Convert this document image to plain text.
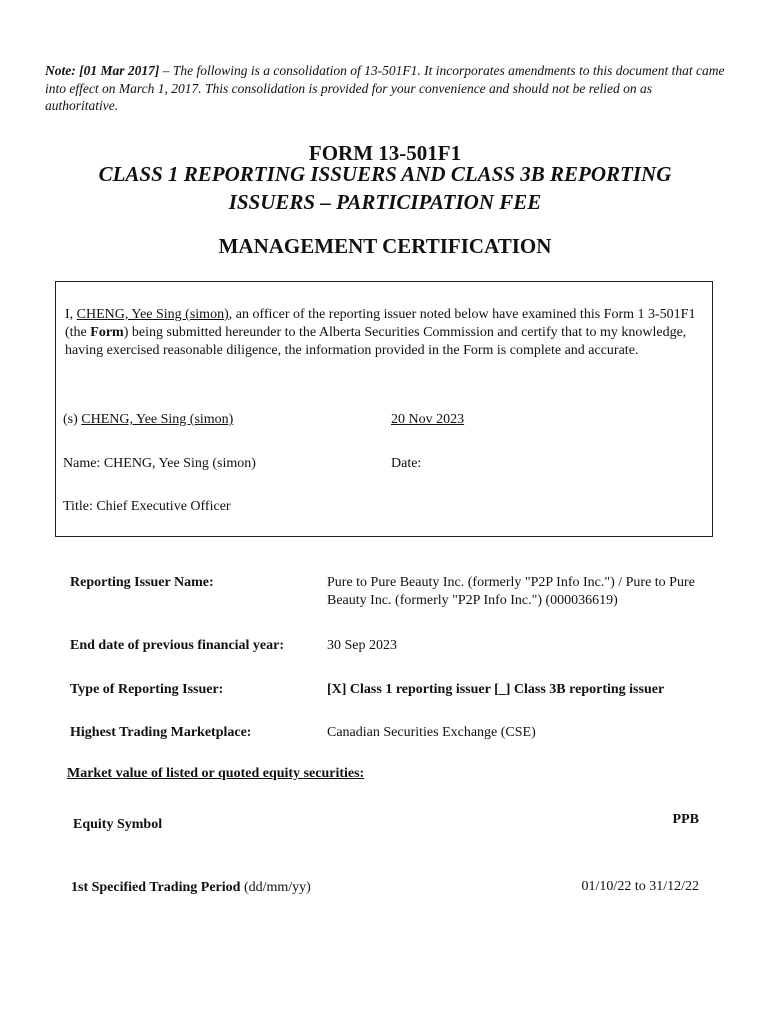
Note: [01 Mar 2017] – The following is a consolidation of 13-501F1. It incorporates amendments to this document that came into effect on March 1, 2017. This consolidation is provided for your convenience and should not be relied on as authoritative.
FORM 13-501F1
CLASS 1 REPORTING ISSUERS AND CLASS 3B REPORTING
ISSUERS – PARTICIPATION FEE
MANAGEMENT CERTIFICATION
I, CHENG, Yee Sing (simon), an officer of the reporting issuer noted below have examined this Form 1 3-501F1 (the Form) being submitted hereunder to the Alberta Securities Commission and certify that to my knowledge, having exercised reasonable diligence, the information provided in the Form is complete and accurate.
(s) CHENG, Yee Sing (simon)	20 Nov 2023
Name: CHENG, Yee Sing (simon)	Date:
Title: Chief Executive Officer
Reporting Issuer Name:	Pure to Pure Beauty Inc. (formerly "P2P Info Inc.") / Pure to Pure Beauty Inc. (formerly "P2P Info Inc.") (000036619)
End date of previous financial year:	30 Sep 2023
Type of Reporting Issuer:	[X] Class 1 reporting issuer [_] Class 3B reporting issuer
Highest Trading Marketplace:	Canadian Securities Exchange (CSE)
Market value of listed or quoted equity securities:
Equity Symbol	PPB
1st Specified Trading Period (dd/mm/yy)	01/10/22 to 31/12/22
